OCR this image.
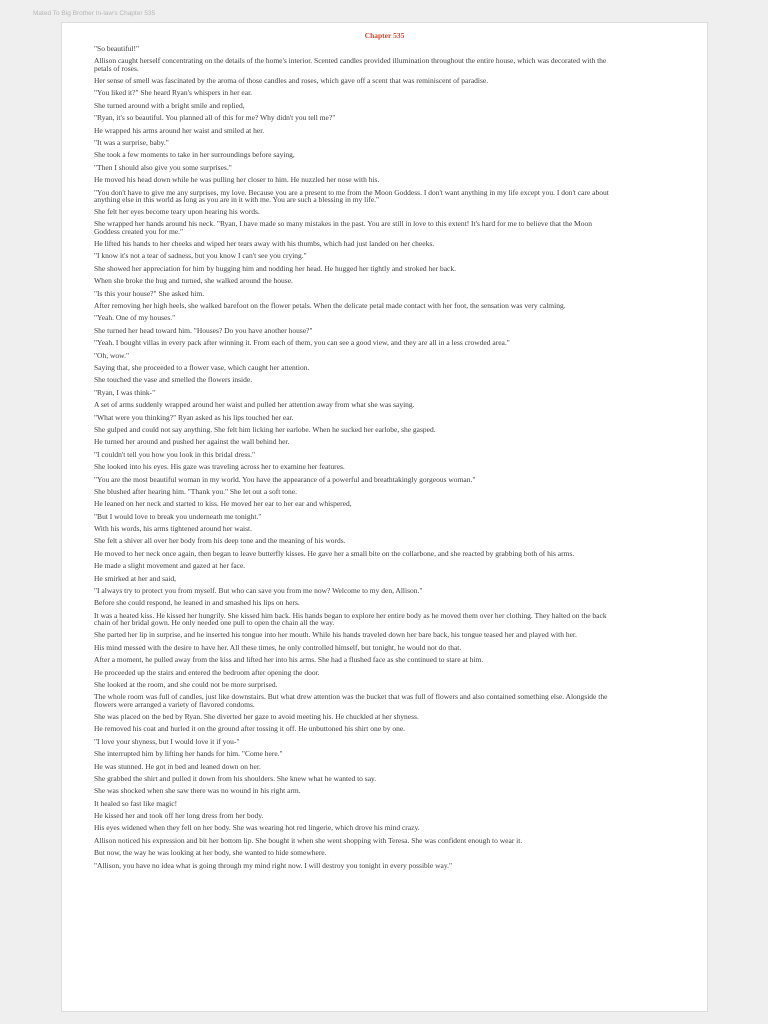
Mated To Big Brother In-law's Chapter 535
Chapter 535

"So beautiful!"

Allison caught herself concentrating on the details of the home's interior. Scented candles provided illumination throughout the entire house, which was decorated with the petals of roses.

Her sense of smell was fascinated by the aroma of those candles and roses, which gave off a scent that was reminiscent of paradise.

"You liked it?" She heard Ryan's whispers in her ear.

She turned around with a bright smile and replied,

"Ryan, it's so beautiful. You planned all of this for me? Why didn't you tell me?"

He wrapped his arms around her waist and smiled at her.

"It was a surprise, baby."

She took a few moments to take in her surroundings before saying,

"Then I should also give you some surprises."

He moved his head down while he was pulling her closer to him. He nuzzled her nose with his.

"You don't have to give me any surprises, my love. Because you are a present to me from the Moon Goddess. I don't want anything in my life except you. I don't care about anything else in this world as long as you are in it with me. You are such a blessing in my life."

She felt her eyes become teary upon hearing his words.

She wrapped her hands around his neck. "Ryan, I have made so many mistakes in the past. You are still in love to this extent! It's hard for me to believe that the Moon Goddess created you for me."

He lifted his hands to her cheeks and wiped her tears away with his thumbs, which had just landed on her cheeks.

"I know it's not a tear of sadness, but you know I can't see you crying."

She showed her appreciation for him by hugging him and nodding her head. He hugged her tightly and stroked her back.

When she broke the hug and turned, she walked around the house.

"Is this your house?" She asked him.

After removing her high heels, she walked barefoot on the flower petals. When the delicate petal made contact with her foot, the sensation was very calming.

"Yeah. One of my houses."

She turned her head toward him. "Houses? Do you have another house?"

"Yeah. I bought villas in every pack after winning it. From each of them, you can see a good view, and they are all in a less crowded area."

"Oh, wow."

Saying that, she proceeded to a flower vase, which caught her attention.

She touched the vase and smelled the flowers inside.

"Ryan, I was think-"

A set of arms suddenly wrapped around her waist and pulled her attention away from what she was saying.

"What were you thinking?" Ryan asked as his lips touched her ear.

She gulped and could not say anything. She felt him licking her earlobe. When he sucked her earlobe, she gasped.

He turned her around and pushed her against the wall behind her.

"I couldn't tell you how you look in this bridal dress."

She looked into his eyes. His gaze was traveling across her to examine her features.

"You are the most beautiful woman in my world. You have the appearance of a powerful and breathtakingly gorgeous woman."

She blushed after hearing him. "Thank you." She let out a soft tone.

He leaned on her neck and started to kiss. He moved her ear to her ear and whispered,

"But I would love to break you underneath me tonight."

With his words, his arms tightened around her waist.

She felt a shiver all over her body from his deep tone and the meaning of his words.

He moved to her neck once again, then began to leave butterfly kisses. He gave her a small bite on the collarbone, and she reacted by grabbing both of his arms.

He made a slight movement and gazed at her face.

He smirked at her and said,

"I always try to protect you from myself. But who can save you from me now? Welcome to my den, Allison."

Before she could respond, he leaned in and smashed his lips on hers.

It was a heated kiss. He kissed her hungrily. She kissed him back. His hands began to explore her entire body as he moved them over her clothing. They halted on the back chain of her bridal gown. He only needed one pull to open the chain all the way.

She parted her lip in surprise, and he inserted his tongue into her mouth. While his hands traveled down her bare back, his tongue teased her and played with her.

His mind messed with the desire to have her. All these times, he only controlled himself, but tonight, he would not do that.

After a moment, he pulled away from the kiss and lifted her into his arms. She had a flushed face as she continued to stare at him.

He proceeded up the stairs and entered the bedroom after opening the door.

She looked at the room, and she could not be more surprised.

The whole room was full of candles, just like downstairs. But what drew attention was the bucket that was full of flowers and also contained something else. Alongside the flowers were arranged a variety of flavored condoms.

She was placed on the bed by Ryan. She diverted her gaze to avoid meeting his. He chuckled at her shyness.

He removed his coat and hurled it on the ground after tossing it off. He unbuttoned his shirt one by one.

"I love your shyness, but I would love it if you-"

She interrupted him by lifting her hands for him. "Come here."

He was stunned. He got in bed and leaned down on her.

She grabbed the shirt and pulled it down from his shoulders. She knew what he wanted to say.

She was shocked when she saw there was no wound in his right arm.

It healed so fast like magic!

He kissed her and took off her long dress from her body.

His eyes widened when they fell on her body. She was wearing hot red lingerie, which drove his mind crazy.

Allison noticed his expression and bit her bottom lip. She bought it when she went shopping with Teresa. She was confident enough to wear it.

But now, the way he was looking at her body, she wanted to hide somewhere.

"Allison, you have no idea what is going through my mind right now. I will destroy you tonight in every possible way."
